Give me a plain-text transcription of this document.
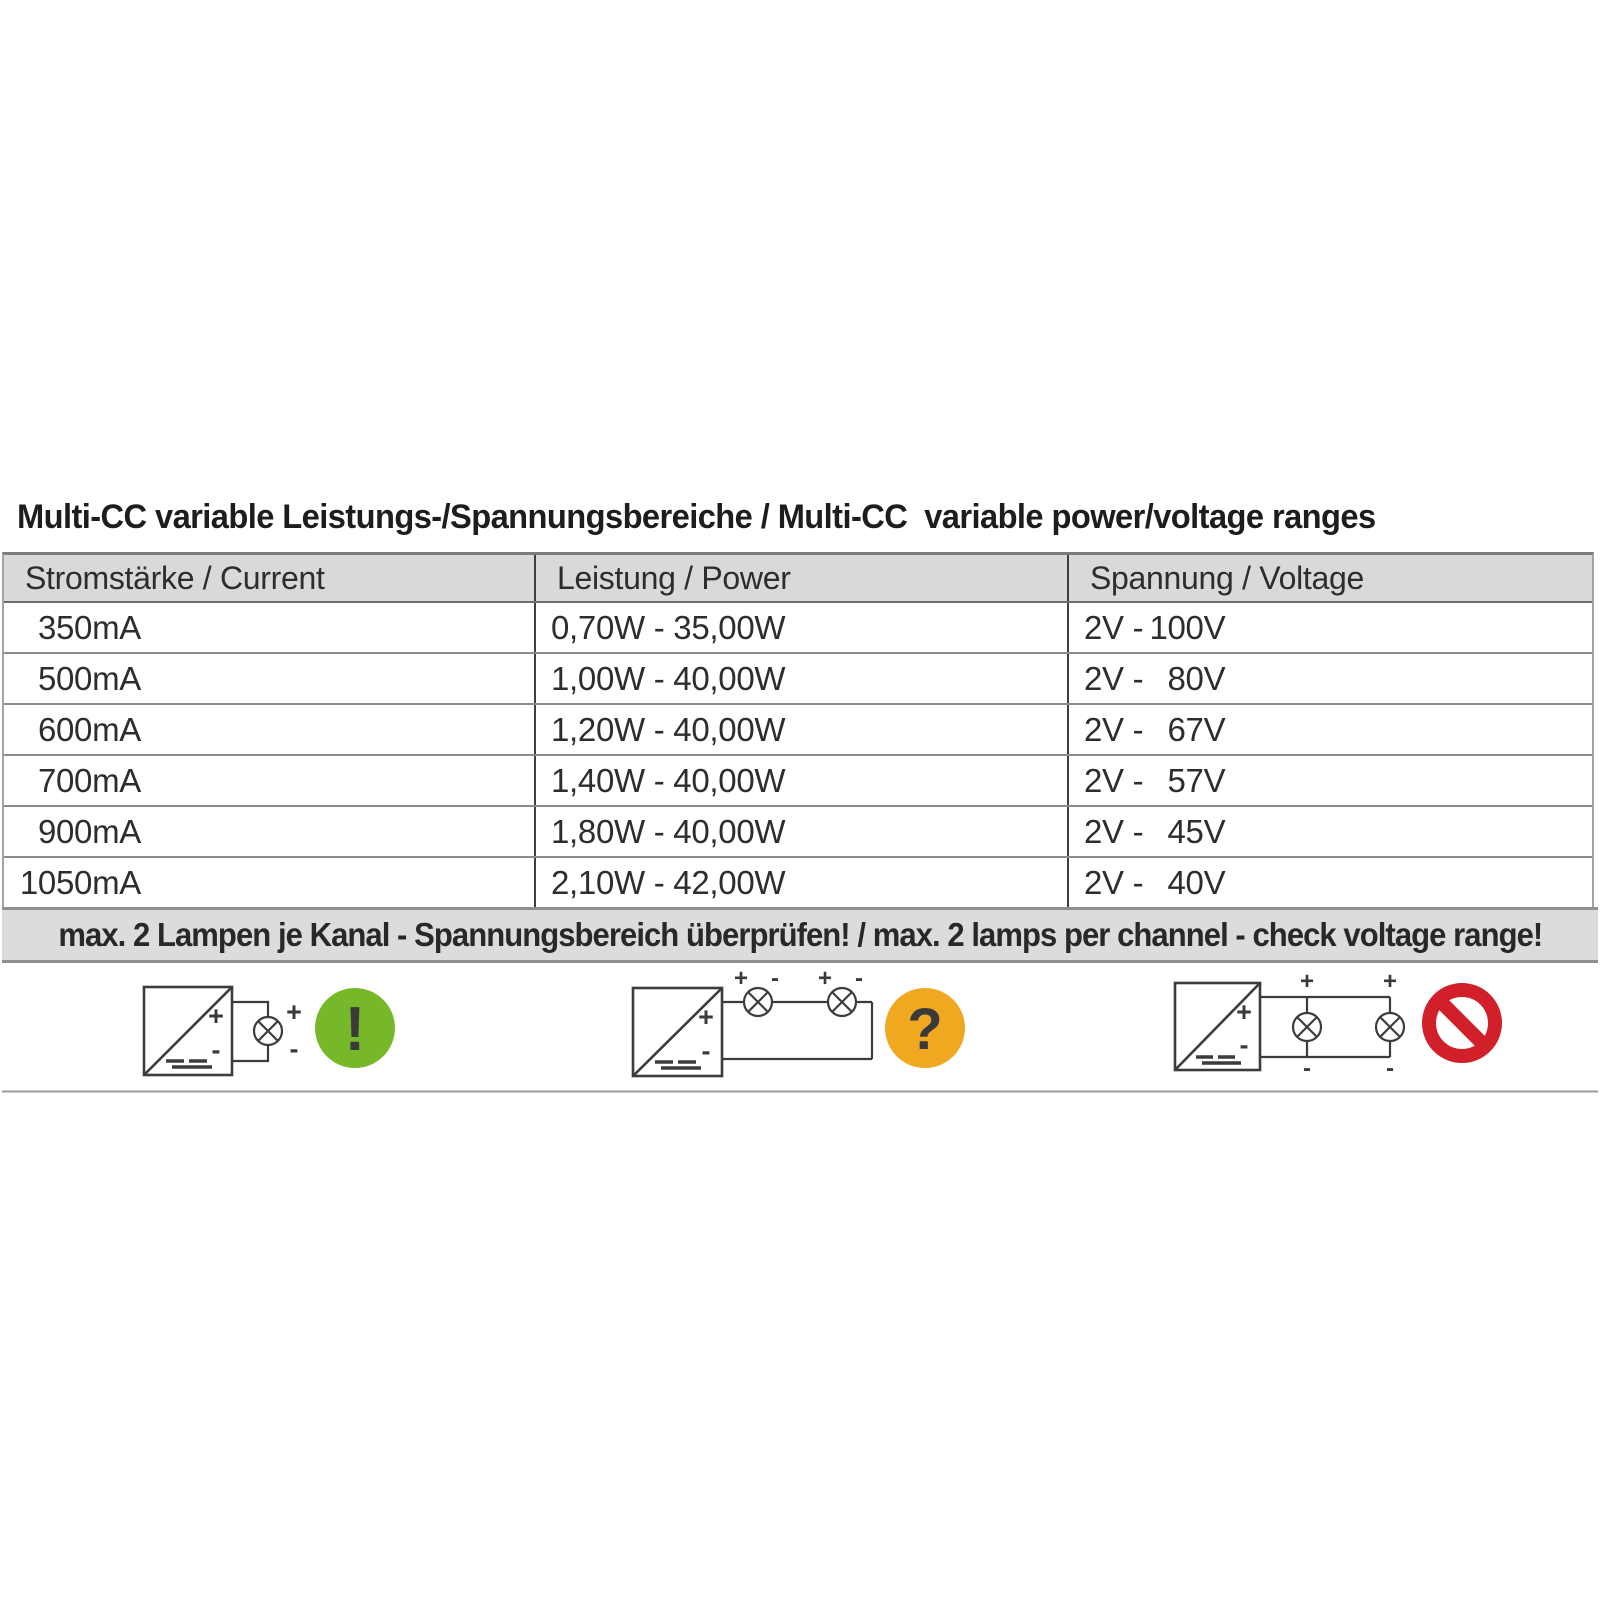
Multi-CC variable Leistungs-/Spannungsbereiche / Multi-CC  variable power/voltage ranges
Stromstärke / Current	Leistung / Power	Spannung / Voltage
350mA	0,70W - 35,00W	2V - 100V
500mA	1,00W - 40,00W	2V - 80V
600mA	1,20W - 40,00W	2V - 67V
700mA	1,40W - 40,00W	2V - 57V
900mA	1,80W - 40,00W	2V - 45V
1050mA	2,10W - 42,00W	2V - 40V
max. 2 Lampen je Kanal - Spannungsbereich überprüfen! / max. 2 lamps per channel - check voltage range!
+
-
+
- !	+
-
+ - + -
?	+
-
+	+
-	-
